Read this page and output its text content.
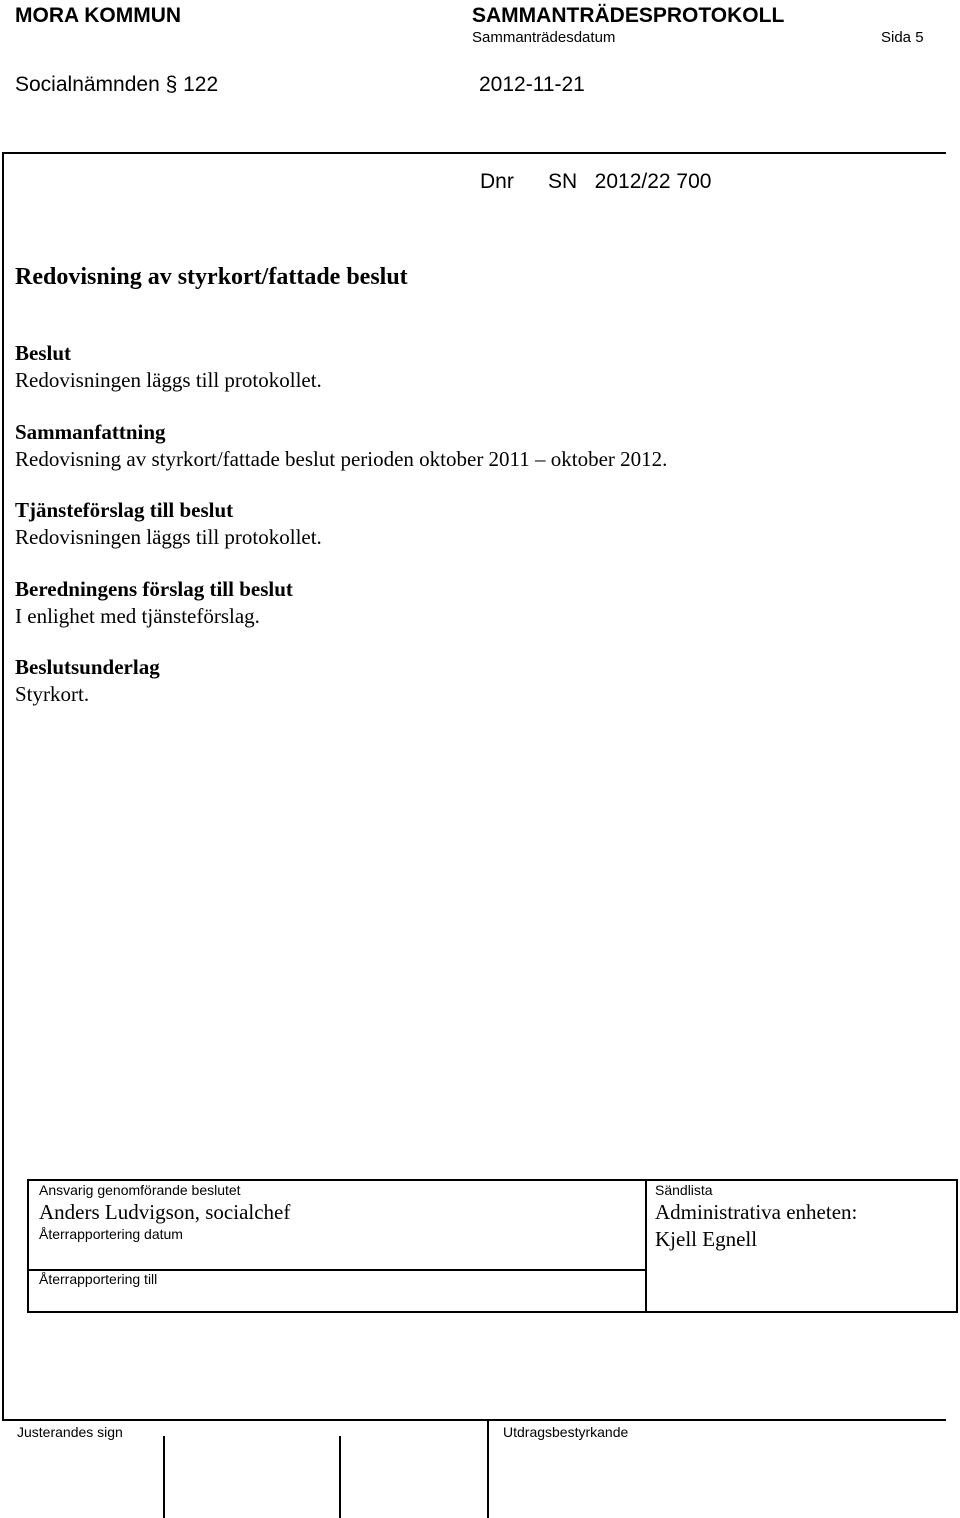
MORA KOMMUN	SAMMANTRÄDESPROTOKOLL
Sammanträdesdatum	Sida 5
Socialnämnden § 122	2012-11-21
Dnr SN   2012/22 700
Redovisning av styrkort/fattade beslut
Beslut
Redovisningen läggs till protokollet.
Sammanfattning
Redovisning av styrkort/fattade beslut perioden oktober 2011 – oktober 2012.
Tjänsteförslag till beslut
Redovisningen läggs till protokollet.
Beredningens förslag till beslut
I enlighet med tjänsteförslag.
Beslutsunderlag
Styrkort.
Ansvarig genomförande beslutet
Anders Ludvigson, socialchef
Återrapportering datum
Återrapportering till
Sändlista
Administrativa enheten:
Kjell Egnell
Justerandes sign	Utdragsbestyrkande
